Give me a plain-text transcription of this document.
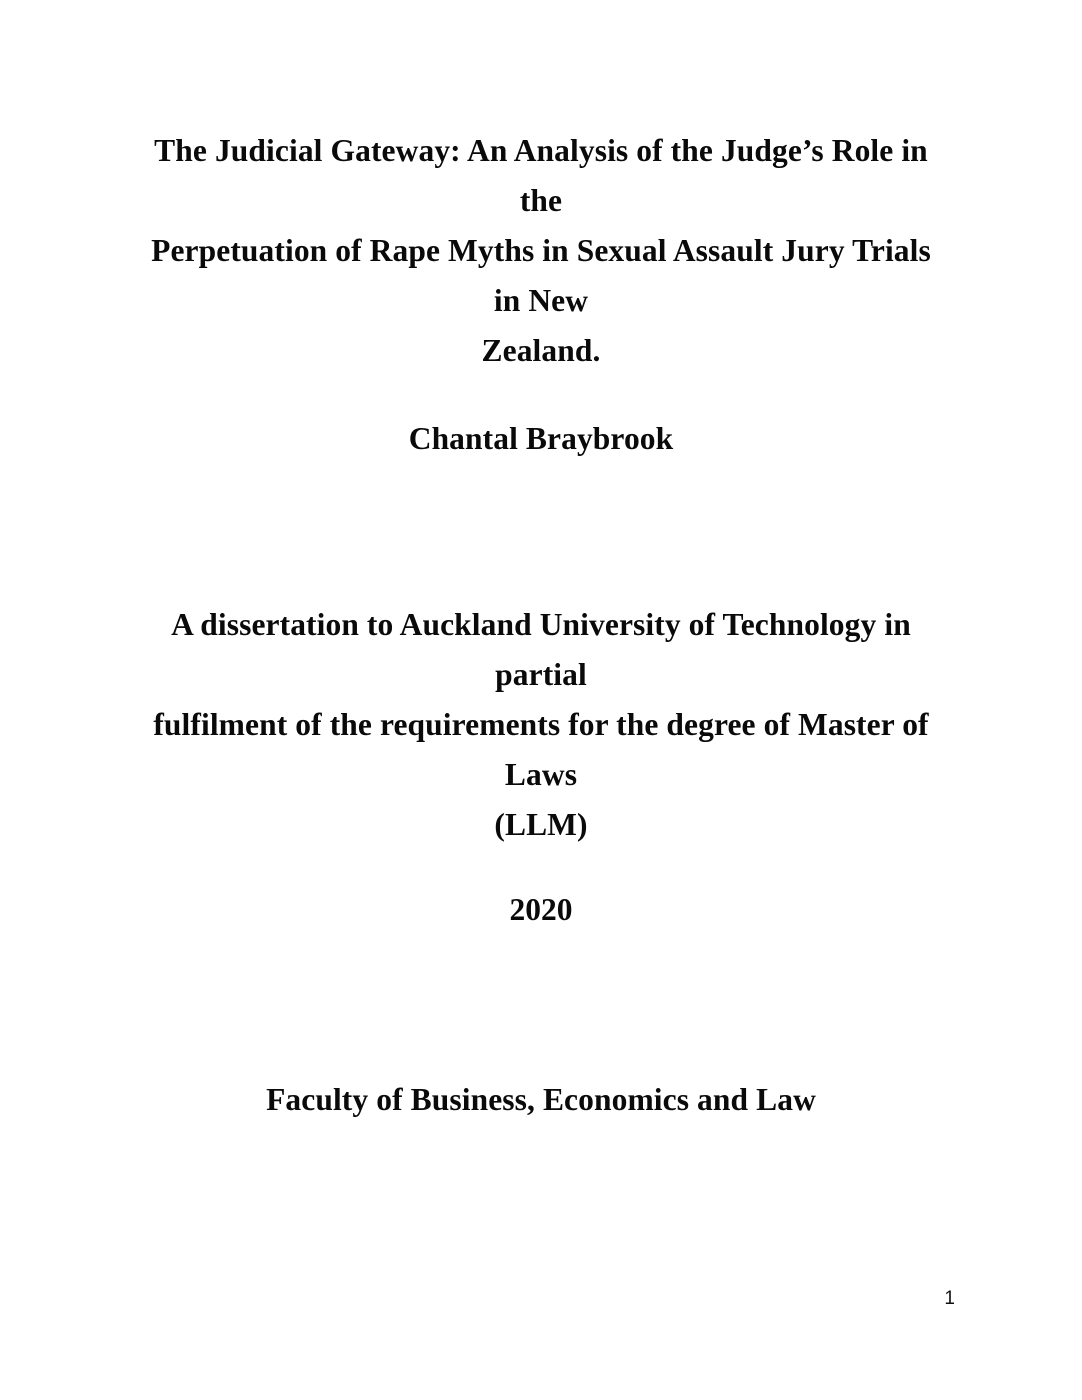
The Judicial Gateway: An Analysis of the Judge’s Role in the
Perpetuation of Rape Myths in Sexual Assault Jury Trials in New
Zealand.
Chantal Braybrook
A dissertation to Auckland University of Technology in partial
fulfilment of the requirements for the degree of Master of Laws
(LLM)
2020
Faculty of Business, Economics and Law
1
